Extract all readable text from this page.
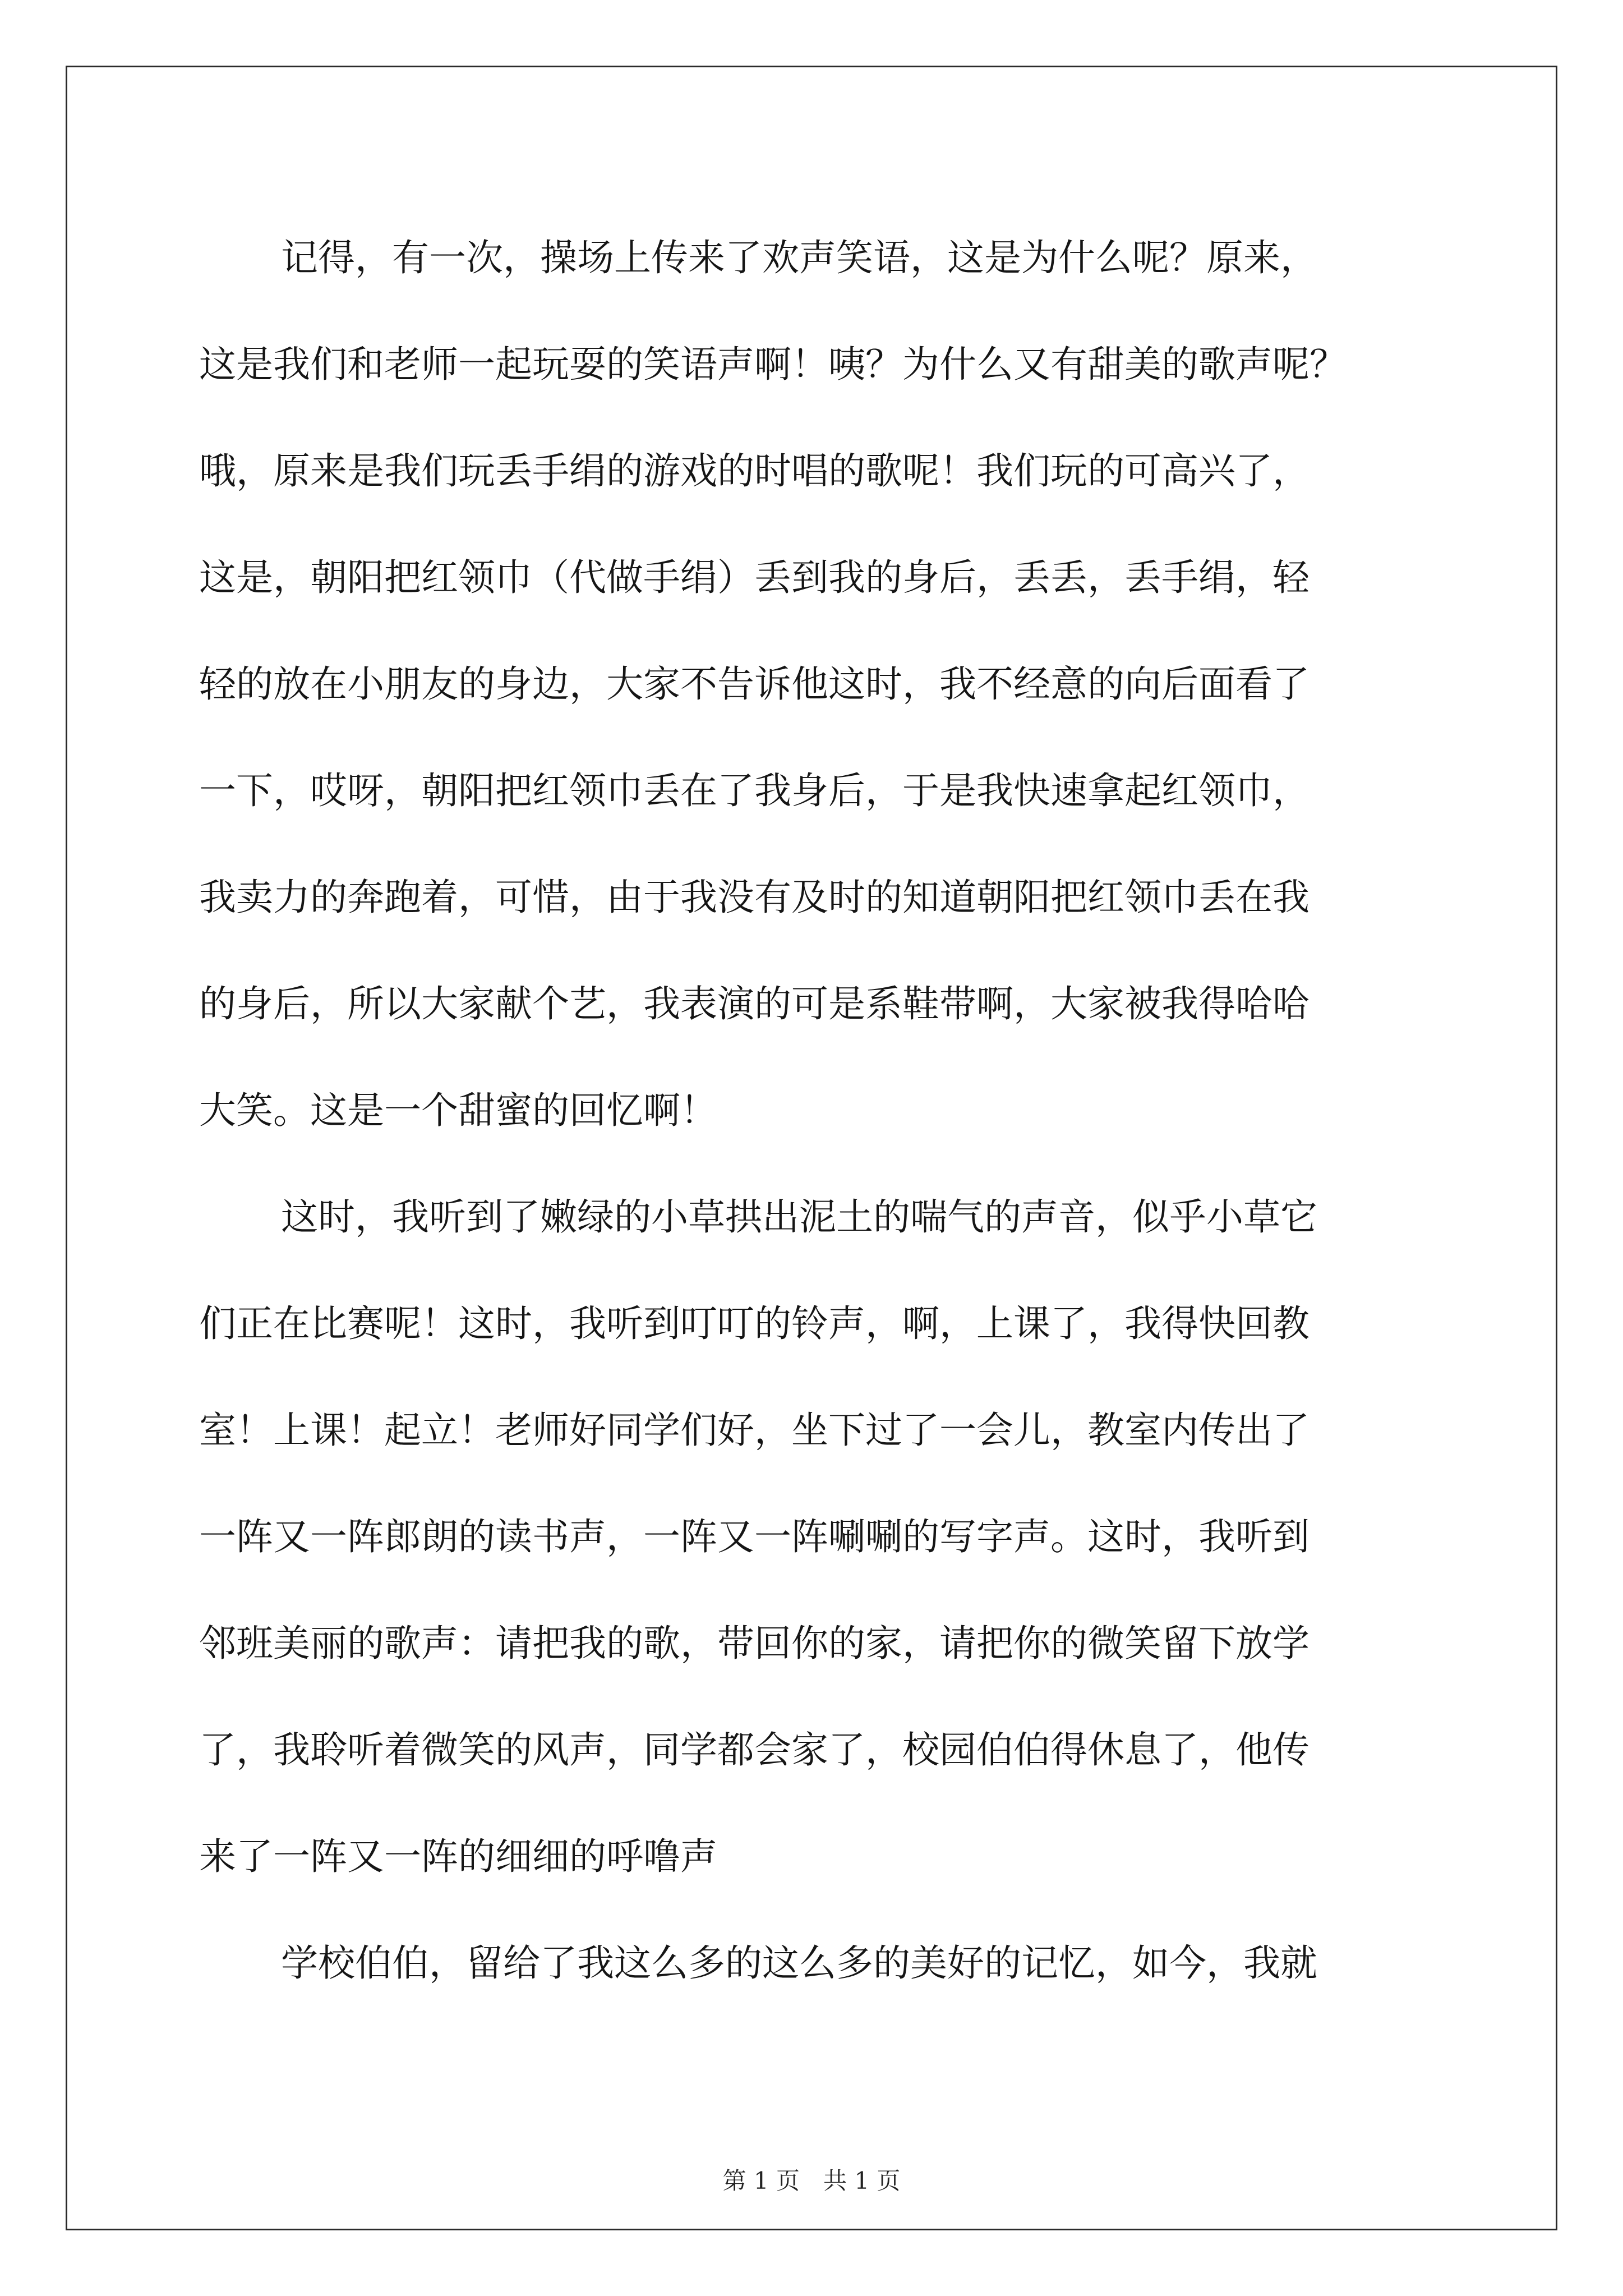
记得，有一次，操场上传来了欢声笑语，这是为什么呢？原来，
这是我们和老师一起玩耍的笑语声啊！咦？为什么又有甜美的歌声呢？
哦，原来是我们玩丢手绢的游戏的时唱的歌呢！我们玩的可高兴了，
这是，朝阳把红领巾（代做手绢）丢到我的身后，丢丢，丢手绢，轻
轻的放在小朋友的身边，大家不告诉他这时，我不经意的向后面看了
一下，哎呀，朝阳把红领巾丢在了我身后，于是我快速拿起红领巾，
我卖力的奔跑着，可惜，由于我没有及时的知道朝阳把红领巾丢在我
的身后，所以大家献个艺，我表演的可是系鞋带啊，大家被我得哈哈
大笑。这是一个甜蜜的回忆啊！
这时，我听到了嫩绿的小草拱出泥土的喘气的声音，似乎小草它
们正在比赛呢！这时，我听到叮叮的铃声，啊，上课了，我得快回教
室！上课！起立！老师好同学们好，坐下过了一会儿，教室内传出了
一阵又一阵郎朗的读书声，一阵又一阵唰唰的写字声。这时，我听到
邻班美丽的歌声：请把我的歌，带回你的家，请把你的微笑留下放学
了，我聆听着微笑的风声，同学都会家了，校园伯伯得休息了，他传
来了一阵又一阵的细细的呼噜声
学校伯伯，留给了我这么多的这么多的美好的记忆，如今，我就
第 1 页　共 1 页
